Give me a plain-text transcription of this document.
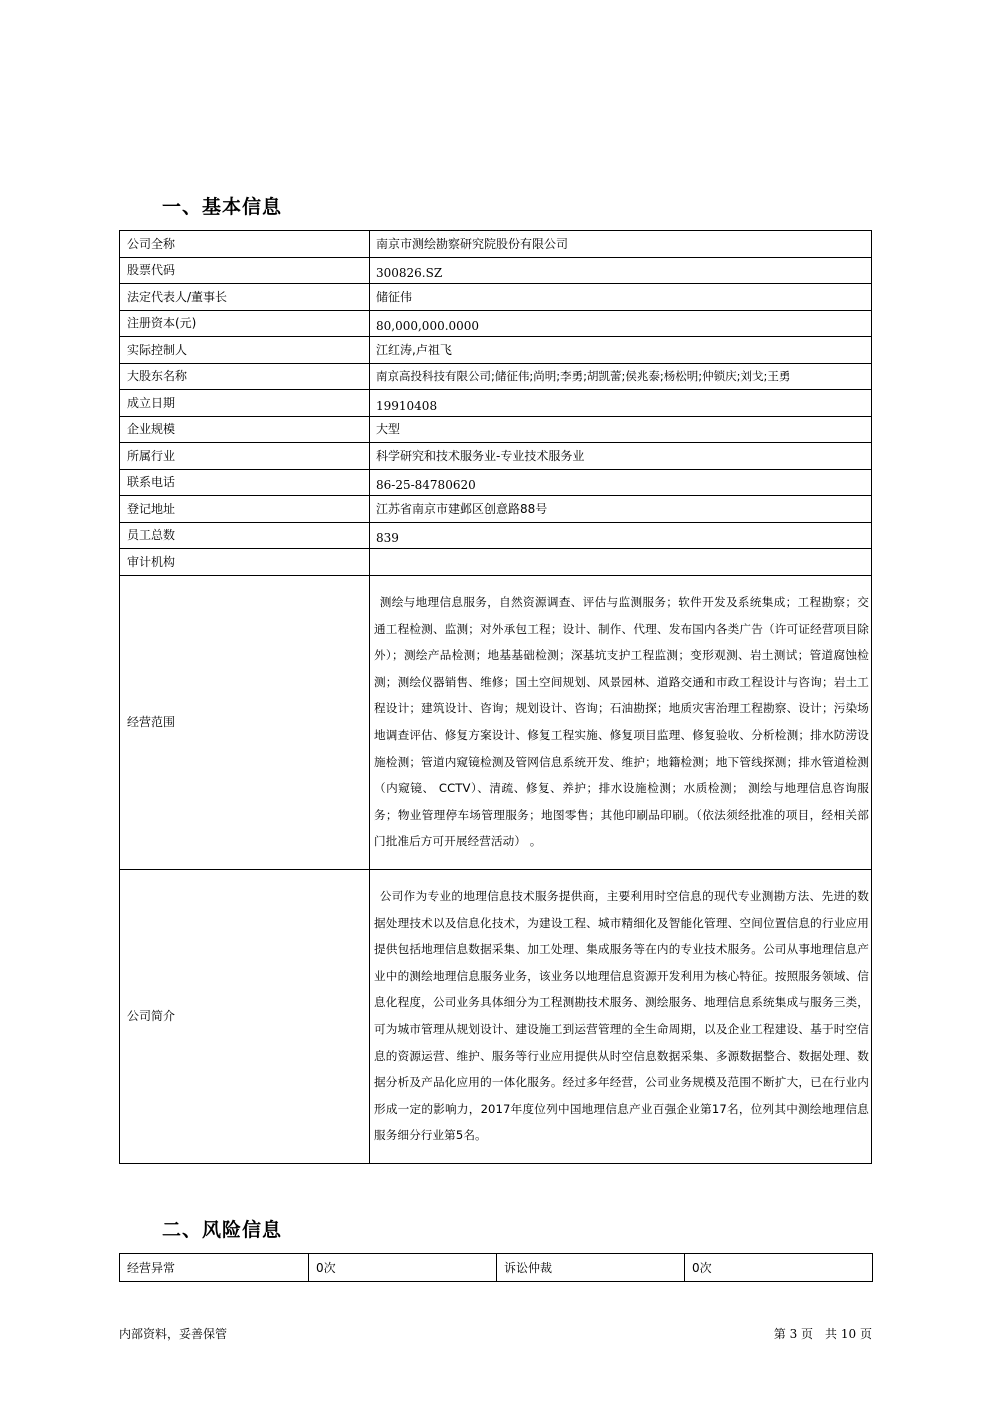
一、基本信息
公司全称	南京市测绘勘察研究院股份有限公司
股票代码	300826.SZ
法定代表人/董事长	储征伟
注册资本(元)	80,000,000.0000
实际控制人	江红涛,卢祖飞
大股东名称	南京高投科技有限公司;储征伟;尚明;李勇;胡凯蕾;侯兆泰;杨松明;仲锁庆;刘戈;王勇
成立日期	19910408
企业规模	大型
所属行业	科学研究和技术服务业-专业技术服务业
联系电话	86-25-84780620
登记地址	江苏省南京市建邺区创意路88号
员工总数	839
审计机构	
经营范围	测绘与地理信息服务，自然资源调查、评估与监测服务；软件开发及系统集成；工程勘察；交通工程检测、监测；对外承包工程；设计、制作、代理、发布国内各类广告（许可证经营项目除外）；测绘产品检测；地基基础检测；深基坑支护工程监测；变形观测、岩土测试；管道腐蚀检测；测绘仪器销售、维修；国土空间规划、风景园林、道路交通和市政工程设计与咨询；岩土工程设计；建筑设计、咨询；规划设计、咨询；石油勘探；地质灾害治理工程勘察、设计；污染场地调查评估、修复方案设计、修复工程实施、修复项目监理、修复验收、分析检测；排水防涝设施检测；管道内窥镜检测及管网信息系统开发、维护；地籍检测；地下管线探测；排水管道检测（内窥镜、 CCTV）、清疏、修复、养护；排水设施检测；水质检测； 测绘与地理信息咨询服务；物业管理停车场管理服务；地图零售；其他印刷品印刷。（依法须经批准的项目，经相关部门批准后方可开展经营活动） 。
公司简介	公司作为专业的地理信息技术服务提供商，主要利用时空信息的现代专业测勘方法、先进的数据处理技术以及信息化技术，为建设工程、城市精细化及智能化管理、空间位置信息的行业应用提供包括地理信息数据采集、加工处理、集成服务等在内的专业技术服务。公司从事地理信息产业中的测绘地理信息服务业务，该业务以地理信息资源开发利用为核心特征。按照服务领域、信息化程度，公司业务具体细分为工程测勘技术服务、测绘服务、地理信息系统集成与服务三类，可为城市管理从规划设计、建设施工到运营管理的全生命周期，以及企业工程建设、基于时空信息的资源运营、维护、服务等行业应用提供从时空信息数据采集、多源数据整合、数据处理、数据分析及产品化应用的一体化服务。经过多年经营，公司业务规模及范围不断扩大，已在行业内形成一定的影响力，2017年度位列中国地理信息产业百强企业第17名，位列其中测绘地理信息服务细分行业第5名。
二、风险信息
经营异常	0次	诉讼仲裁	0次
内部资料，妥善保管	第 3 页　共 10 页
